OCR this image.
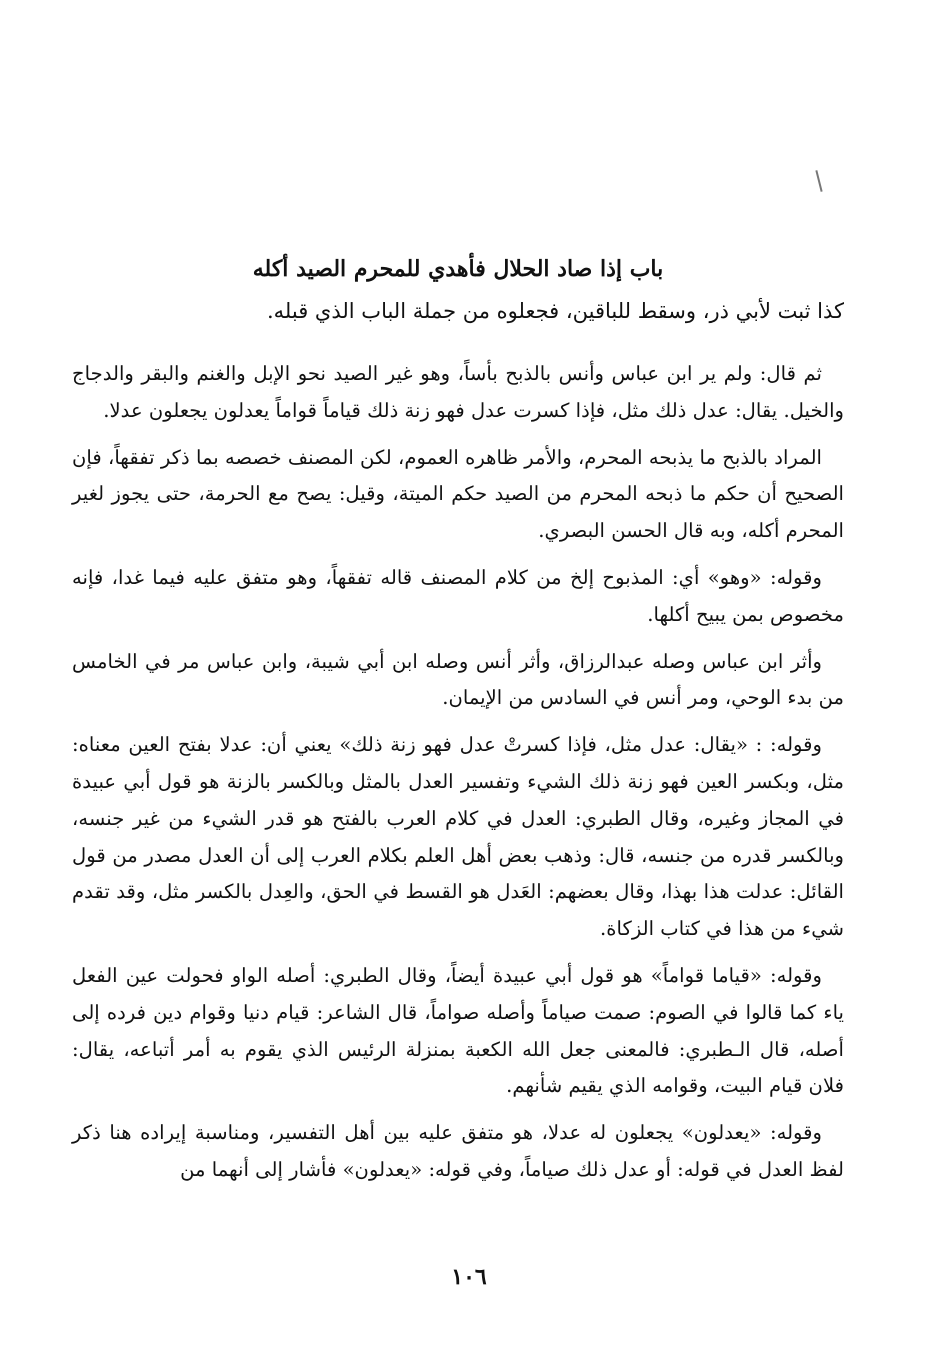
باب إذا صاد الحلال فأهدي للمحرم الصيد أكله
كذا ثبت لأبي ذر، وسقط للباقين، فجعلوه من جملة الباب الذي قبله.

ثم قال: ولم ير ابن عباس وأنس بالذبح بأساً، وهو غير الصيد نحو الإبل والغنم والبقر والدجاج والخيل. يقال: عدل ذلك مثل، فإذا كسرت عدل فهو زنة ذلك قياماً قواماً يعدلون يجعلون عدلا.

المراد بالذبح ما يذبحه المحرم، والأمر ظاهره العموم، لكن المصنف خصصه بما ذكر تفقهاً، فإن الصحيح أن حكم ما ذبحه المحرم من الصيد حكم الميتة، وقيل: يصح مع الحرمة، حتى يجوز لغير المحرم أكله، وبه قال الحسن البصري.

وقوله: «وهو» أي: المذبوح إلخ من كلام المصنف قاله تفقهاً، وهو متفق عليه فيما غدا، فإنه مخصوص بمن يبيح أكلها.

وأثر ابن عباس وصله عبدالرزاق، وأثر أنس وصله ابن أبي شيبة، وابن عباس مر في الخامس من بدء الوحي، ومر أنس في السادس من الإيمان.

وقوله: : «يقال: عدل مثل، فإذا كسرتْ عدل فهو زنة ذلك» يعني أن: عدلا بفتح العين معناه: مثل، وبكسر العين فهو زنة ذلك الشيء وتفسير العدل بالمثل وبالكسر بالزنة هو قول أبي عبيدة في المجاز وغيره، وقال الطبري: العدل في كلام العرب بالفتح هو قدر الشيء من غير جنسه، وبالكسر قدره من جنسه، قال: وذهب بعض أهل العلم بكلام العرب إلى أن العدل مصدر من قول القائل: عدلت هذا بهذا، وقال بعضهم: العَدل هو القسط في الحق، والعِدل بالكسر مثل، وقد تقدم شيء من هذا في كتاب الزكاة.

وقوله: «قياما قواماً» هو قول أبي عبيدة أيضاً، وقال الطبري: أصله الواو فحولت عين الفعل ياء كما قالوا في الصوم: صمت صياماً وأصله صواماً، قال الشاعر: قيام دنيا وقوام دين فرده إلى أصله، قال الـطبري: فالمعنى جعل الله الكعبة بمنزلة الرئيس الذي يقوم به أمر أتباعه، يقال: فلان قيام البيت، وقوامه الذي يقيم شأنهم.

وقوله: «يعدلون» يجعلون له عدلا، هو متفق عليه بين أهل التفسير، ومناسبة إيراده هنا ذكر لفظ العدل في قوله: أو عدل ذلك صياماً، وفي قوله: «يعدلون» فأشار إلى أنهما من

١٠٦
